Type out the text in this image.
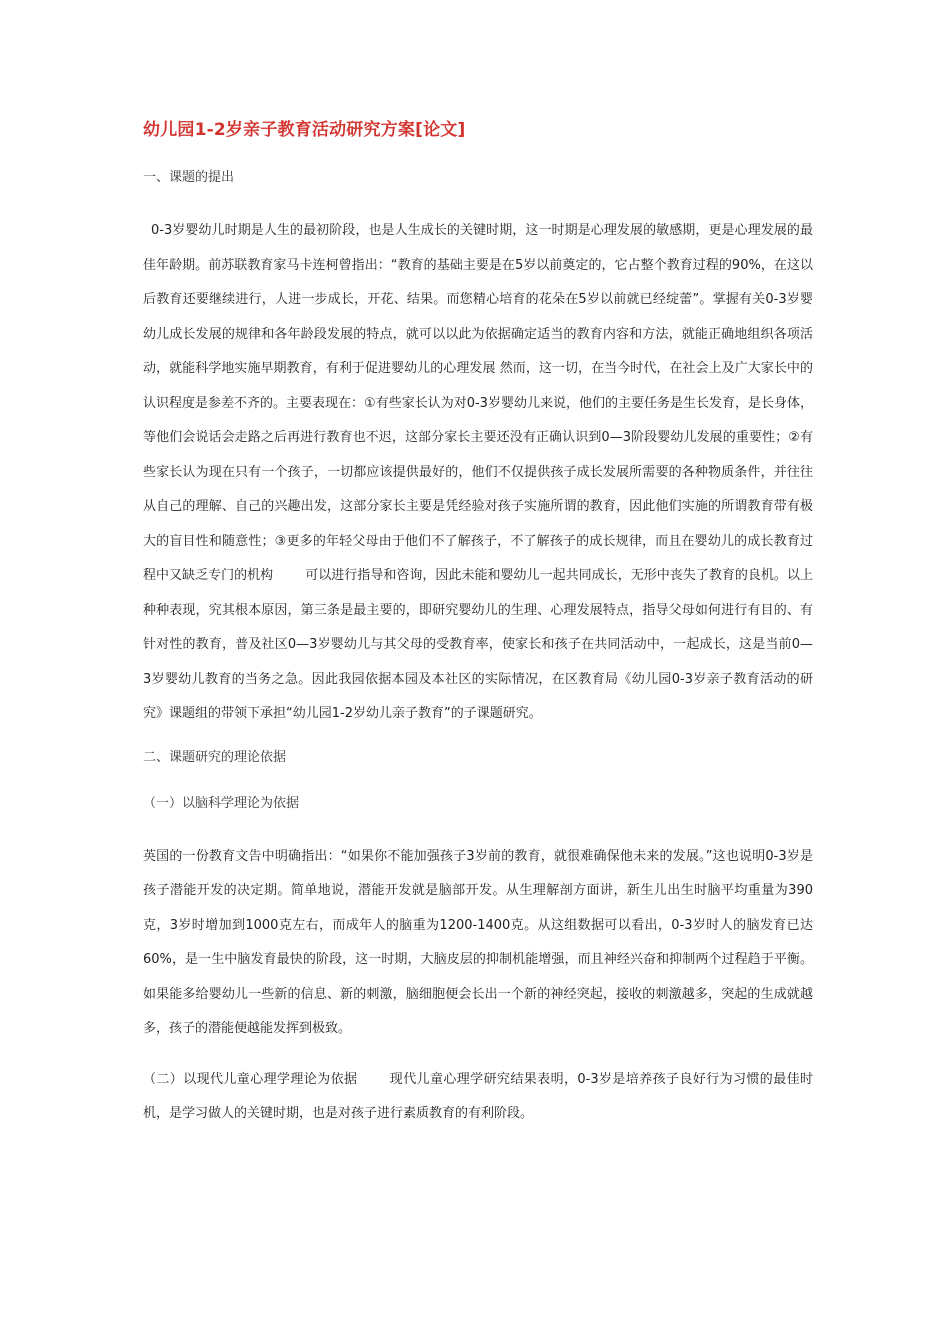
幼儿园1-2岁亲子教育活动研究方案[论文]
一、课题的提出

0-3岁婴幼儿时期是人生的最初阶段，也是人生成长的关键时期，这一时期是心理发展的敏感期，更是心理发展的最佳年龄期。前苏联教育家马卡连柯曾指出：“教育的基础主要是在5岁以前奠定的，它占整个教育过程的90%，在这以后教育还要继续进行，人进一步成长，开花、结果。而您精心培育的花朵在5岁以前就已经绽蕾”。掌握有关0-3岁婴幼儿成长发展的规律和各年龄段发展的特点，就可以以此为依据确定适当的教育内容和方法，就能正确地组织各项活动，就能科学地实施早期教育，有利于促进婴幼儿的心理发展 然而，这一切，在当今时代，在社会上及广大家长中的认识程度是参差不齐的。主要表现在：①有些家长认为对0-3岁婴幼儿来说，他们的主要任务是生长发育，是长身体，等他们会说话会走路之后再进行教育也不迟，这部分家长主要还没有正确认识到0—3阶段婴幼儿发展的重要性；②有些家长认为现在只有一个孩子，一切都应该提供最好的，他们不仅提供孩子成长发展所需要的各种物质条件，并往往从自己的理解、自己的兴趣出发，这部分家长主要是凭经验对孩子实施所谓的教育，因此他们实施的所谓教育带有极大的盲目性和随意性；③更多的年轻父母由于他们不了解孩子，不了解孩子的成长规律，而且在婴幼儿的成长教育过程中又缺乏专门的机构 可以进行指导和咨询，因此未能和婴幼儿一起共同成长，无形中丧失了教育的良机。以上种种表现，究其根本原因，第三条是最主要的，即研究婴幼儿的生理、心理发展特点，指导父母如何进行有目的、有针对性的教育，普及社区0—3岁婴幼儿与其父母的受教育率，使家长和孩子在共同活动中，一起成长，这是当前0—3岁婴幼儿教育的当务之急。因此我园依据本园及本社区的实际情况，在区教育局《幼儿园0-3岁亲子教育活动的研究》课题组的带领下承担“幼儿园1-2岁幼儿亲子教育”的子课题研究。

二、课题研究的理论依据
（一）以脑科学理论为依据

英国的一份教育文告中明确指出：“如果你不能加强孩子3岁前的教育，就很难确保他未来的发展。”这也说明0-3岁是孩子潜能开发的决定期。简单地说，潜能开发就是脑部开发。从生理解剖方面讲，新生儿出生时脑平均重量为390克，3岁时增加到1000克左右，而成年人的脑重为1200-1400克。从这组数据可以看出，0-3岁时人的脑发育已达60%，是一生中脑发育最快的阶段，这一时期，大脑皮层的抑制机能增强，而且神经兴奋和抑制两个过程趋于平衡。如果能多给婴幼儿一些新的信息、新的刺激，脑细胞便会长出一个新的神经突起，接收的刺激越多，突起的生成就越多，孩子的潜能便越能发挥到极致。

（二）以现代儿童心理学理论为依据 现代儿童心理学研究结果表明，0-3岁是培养孩子良好行为习惯的最佳时机，是学习做人的关键时期，也是对孩子进行素质教育的有利阶段。
